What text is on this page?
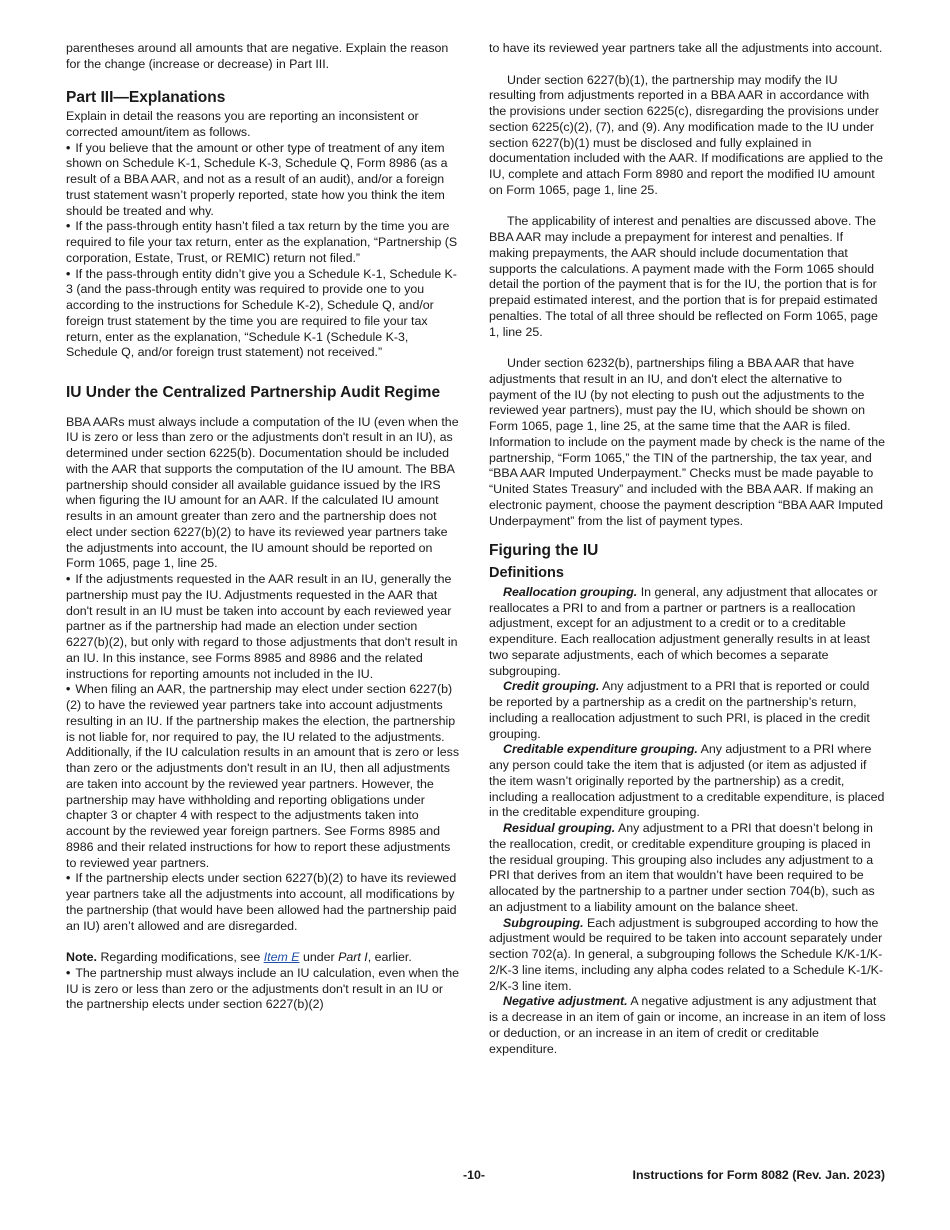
parentheses around all amounts that are negative. Explain the reason for the change (increase or decrease) in Part III.

Part III—Explanations

Explain in detail the reasons you are reporting an inconsistent or corrected amount/item as follows.

• If you believe that the amount or other type of treatment of any item shown on Schedule K-1, Schedule K-3, Schedule Q, Form 8986 (as a result of a BBA AAR, and not as a result of an audit), and/or a foreign trust statement wasn’t properly reported, state how you think the item should be treated and why.

• If the pass-through entity hasn’t filed a tax return by the time you are required to file your tax return, enter as the explanation, “Partnership (S corporation, Estate, Trust, or REMIC) return not filed.”

• If the pass-through entity didn’t give you a Schedule K-1, Schedule K-3 (and the pass-through entity was required to provide one to you according to the instructions for Schedule K-2), Schedule Q, and/or foreign trust statement by the time you are required to file your tax return, enter as the explanation, “Schedule K-1 (Schedule K-3, Schedule Q, and/or foreign trust statement) not received.”

IU Under the Centralized Partnership Audit Regime

BBA AARs must always include a computation of the IU (even when the IU is zero or less than zero or the adjustments don't result in an IU), as determined under section 6225(b). Documentation should be included with the AAR that supports the computation of the IU amount. The BBA partnership should consider all available guidance issued by the IRS when figuring the IU amount for an AAR. If the calculated IU amount results in an amount greater than zero and the partnership does not elect under section 6227(b)(2) to have its reviewed year partners take the adjustments into account, the IU amount should be reported on Form 1065, page 1, line 25.

• If the adjustments requested in the AAR result in an IU, generally the partnership must pay the IU. Adjustments requested in the AAR that don't result in an IU must be taken into account by each reviewed year partner as if the partnership had made an election under section 6227(b)(2), but only with regard to those adjustments that don't result in an IU. In this instance, see Forms 8985 and 8986 and the related instructions for reporting amounts not included in the IU.

• When filing an AAR, the partnership may elect under section 6227(b)(2) to have the reviewed year partners take into account adjustments resulting in an IU. If the partnership makes the election, the partnership is not liable for, nor required to pay, the IU related to the adjustments. Additionally, if the IU calculation results in an amount that is zero or less than zero or the adjustments don't result in an IU, then all adjustments are taken into account by the reviewed year partners. However, the partnership may have withholding and reporting obligations under chapter 3 or chapter 4 with respect to the adjustments taken into account by the reviewed year foreign partners. See Forms 8985 and 8986 and their related instructions for how to report these adjustments to reviewed year partners.

• If the partnership elects under section 6227(b)(2) to have its reviewed year partners take all the adjustments into account, all modifications by the partnership (that would have been allowed had the partnership paid an IU) aren’t allowed and are disregarded.

Note. Regarding modifications, see Item E under Part I, earlier.

• The partnership must always include an IU calculation, even when the IU is zero or less than zero or the adjustments don't result in an IU or the partnership elects under section 6227(b)(2)

to have its reviewed year partners take all the adjustments into account.

Under section 6227(b)(1), the partnership may modify the IU resulting from adjustments reported in a BBA AAR in accordance with the provisions under section 6225(c), disregarding the provisions under section 6225(c)(2), (7), and (9). Any modification made to the IU under section 6227(b)(1) must be disclosed and fully explained in documentation included with the AAR. If modifications are applied to the IU, complete and attach Form 8980 and report the modified IU amount on Form 1065, page 1, line 25.

The applicability of interest and penalties are discussed above. The BBA AAR may include a prepayment for interest and penalties. If making prepayments, the AAR should include documentation that supports the calculations. A payment made with the Form 1065 should detail the portion of the payment that is for the IU, the portion that is for prepaid estimated interest, and the portion that is for prepaid estimated penalties. The total of all three should be reflected on Form 1065, page 1, line 25.

Under section 6232(b), partnerships filing a BBA AAR that have adjustments that result in an IU, and don't elect the alternative to payment of the IU (by not electing to push out the adjustments to the reviewed year partners), must pay the IU, which should be shown on Form 1065, page 1, line 25, at the same time that the AAR is filed. Information to include on the payment made by check is the name of the partnership, “Form 1065,” the TIN of the partnership, the tax year, and “BBA AAR Imputed Underpayment.” Checks must be made payable to “United States Treasury” and included with the BBA AAR. If making an electronic payment, choose the payment description “BBA AAR Imputed Underpayment” from the list of payment types.

Figuring the IU
Definitions

Reallocation grouping. In general, any adjustment that allocates or reallocates a PRI to and from a partner or partners is a reallocation adjustment, except for an adjustment to a credit or to a creditable expenditure. Each reallocation adjustment generally results in at least two separate adjustments, each of which becomes a separate subgrouping.

Credit grouping. Any adjustment to a PRI that is reported or could be reported by a partnership as a credit on the partnership’s return, including a reallocation adjustment to such PRI, is placed in the credit grouping.

Creditable expenditure grouping. Any adjustment to a PRI where any person could take the item that is adjusted (or item as adjusted if the item wasn’t originally reported by the partnership) as a credit, including a reallocation adjustment to a creditable expenditure, is placed in the creditable expenditure grouping.

Residual grouping. Any adjustment to a PRI that doesn’t belong in the reallocation, credit, or creditable expenditure grouping is placed in the residual grouping. This grouping also includes any adjustment to a PRI that derives from an item that wouldn’t have been required to be allocated by the partnership to a partner under section 704(b), such as an adjustment to a liability amount on the balance sheet.

Subgrouping. Each adjustment is subgrouped according to how the adjustment would be required to be taken into account separately under section 702(a). In general, a subgrouping follows the Schedule K/K-1/K-2/K-3 line items, including any alpha codes related to a Schedule K-1/K-2/K-3 line item.

Negative adjustment. A negative adjustment is any adjustment that is a decrease in an item of gain or income, an increase in an item of loss or deduction, or an increase in an item of credit or creditable expenditure.

-10-	Instructions for Form 8082 (Rev. Jan. 2023)
